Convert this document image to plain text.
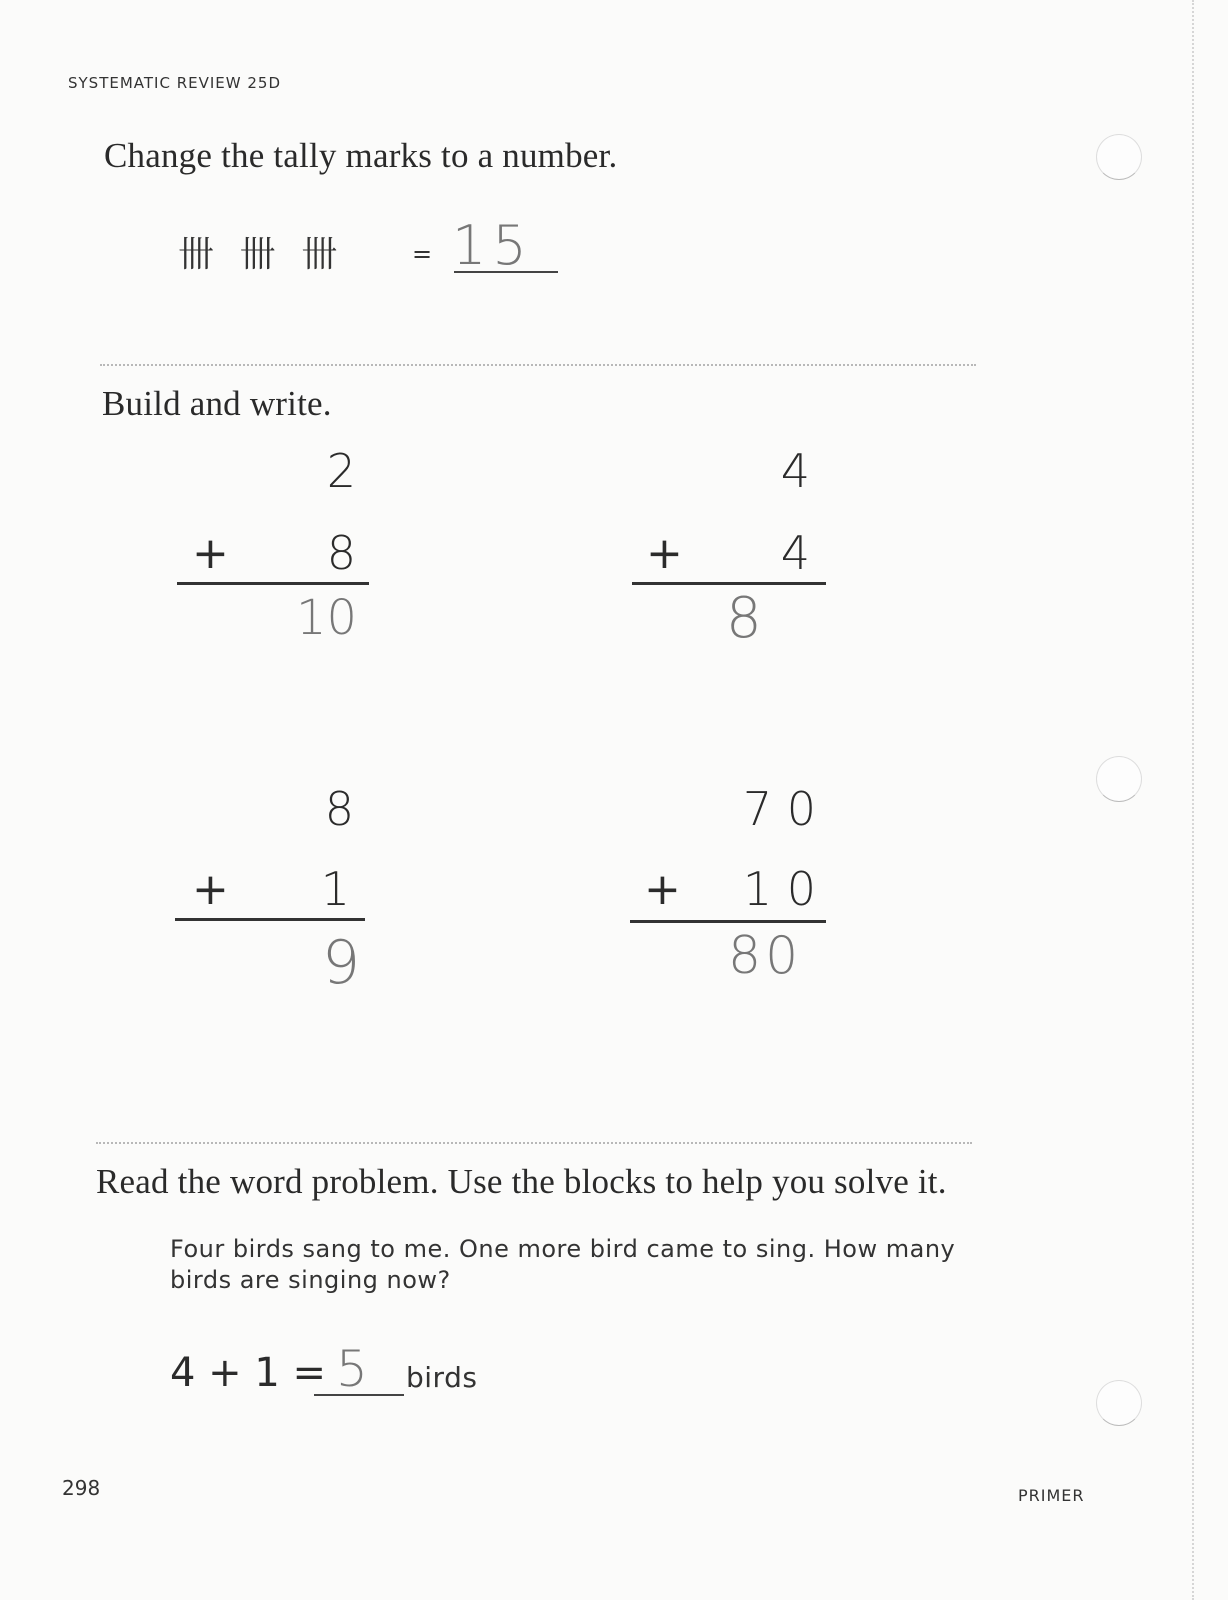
SYSTEMATIC REVIEW 25D
Change the tally marks to a number.
卌 卌 卌	= 15
Build and write.
2
+	8
10
4
+	4
8
8
+	1
9
7 0
+	1 0
80
Read the word problem. Use the blocks to help you solve it.
Four birds sang to me. One more bird came to sing. How many birds are singing now?
4 + 1 = 5 birds
298	PRIMER
